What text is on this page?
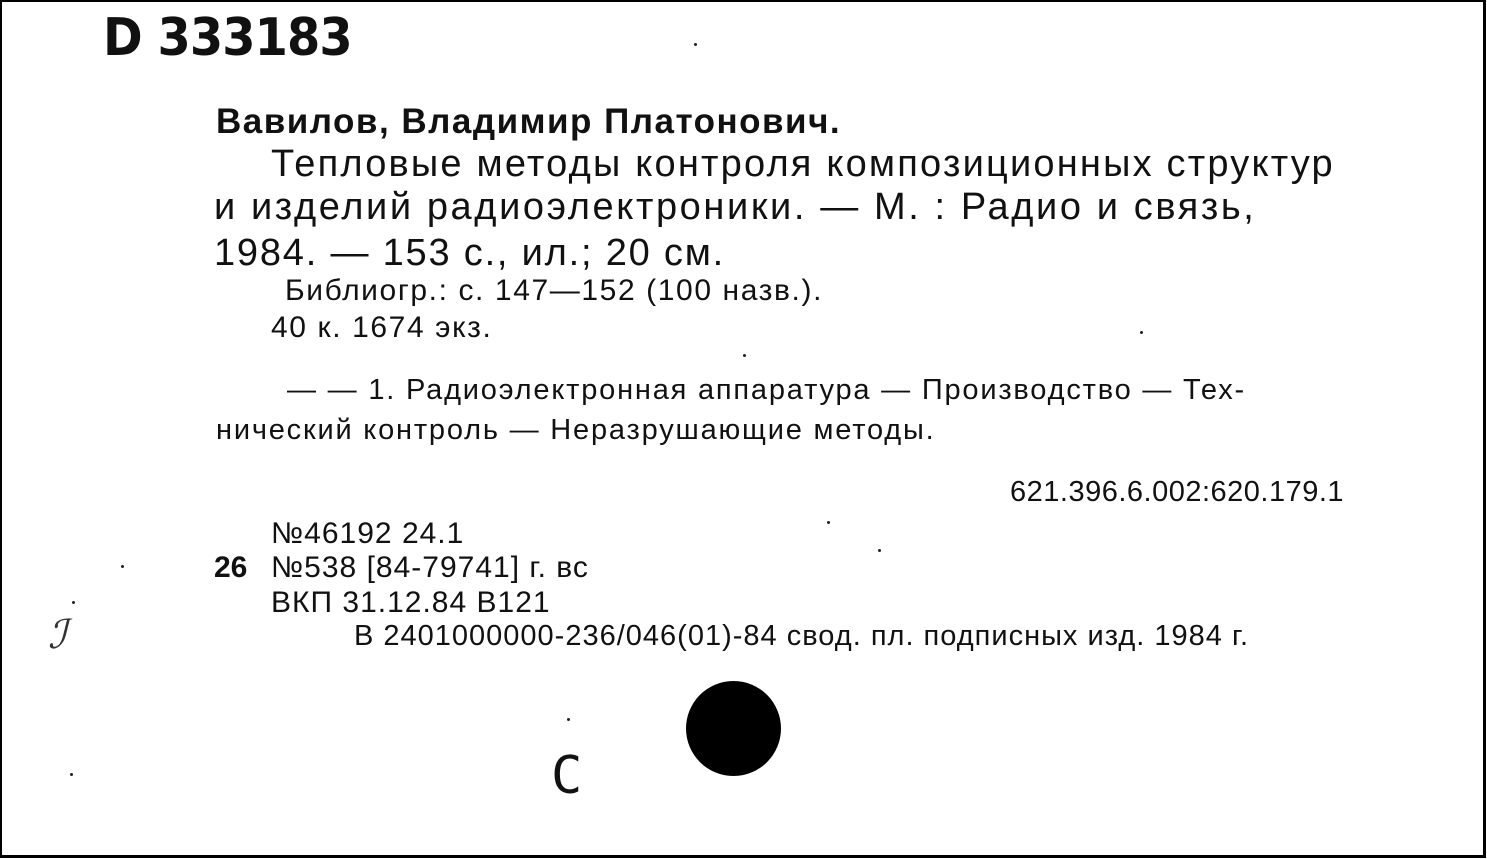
D 333183
Вавилов, Владимир Платонович.
Тепловые методы контроля композиционных структур
и изделий радиоэлектроники. — М. : Радио и связь,
1984. — 153 с., ил.; 20 см.
Библиогр.: с. 147—152 (100 назв.).
40 к. 1674 экз.
— — 1. Радиоэлектронная аппаратура — Производство — Тех-
нический контроль — Неразрушающие методы.
621.396.6.002:620.179.1
№46192 24.1
26 №538 [84-79741] г. вс
ВКП 31.12.84 В121
В 2401000000-236/046(01)-84 свод. пл. подписных изд. 1984 г.
С
ℐ
